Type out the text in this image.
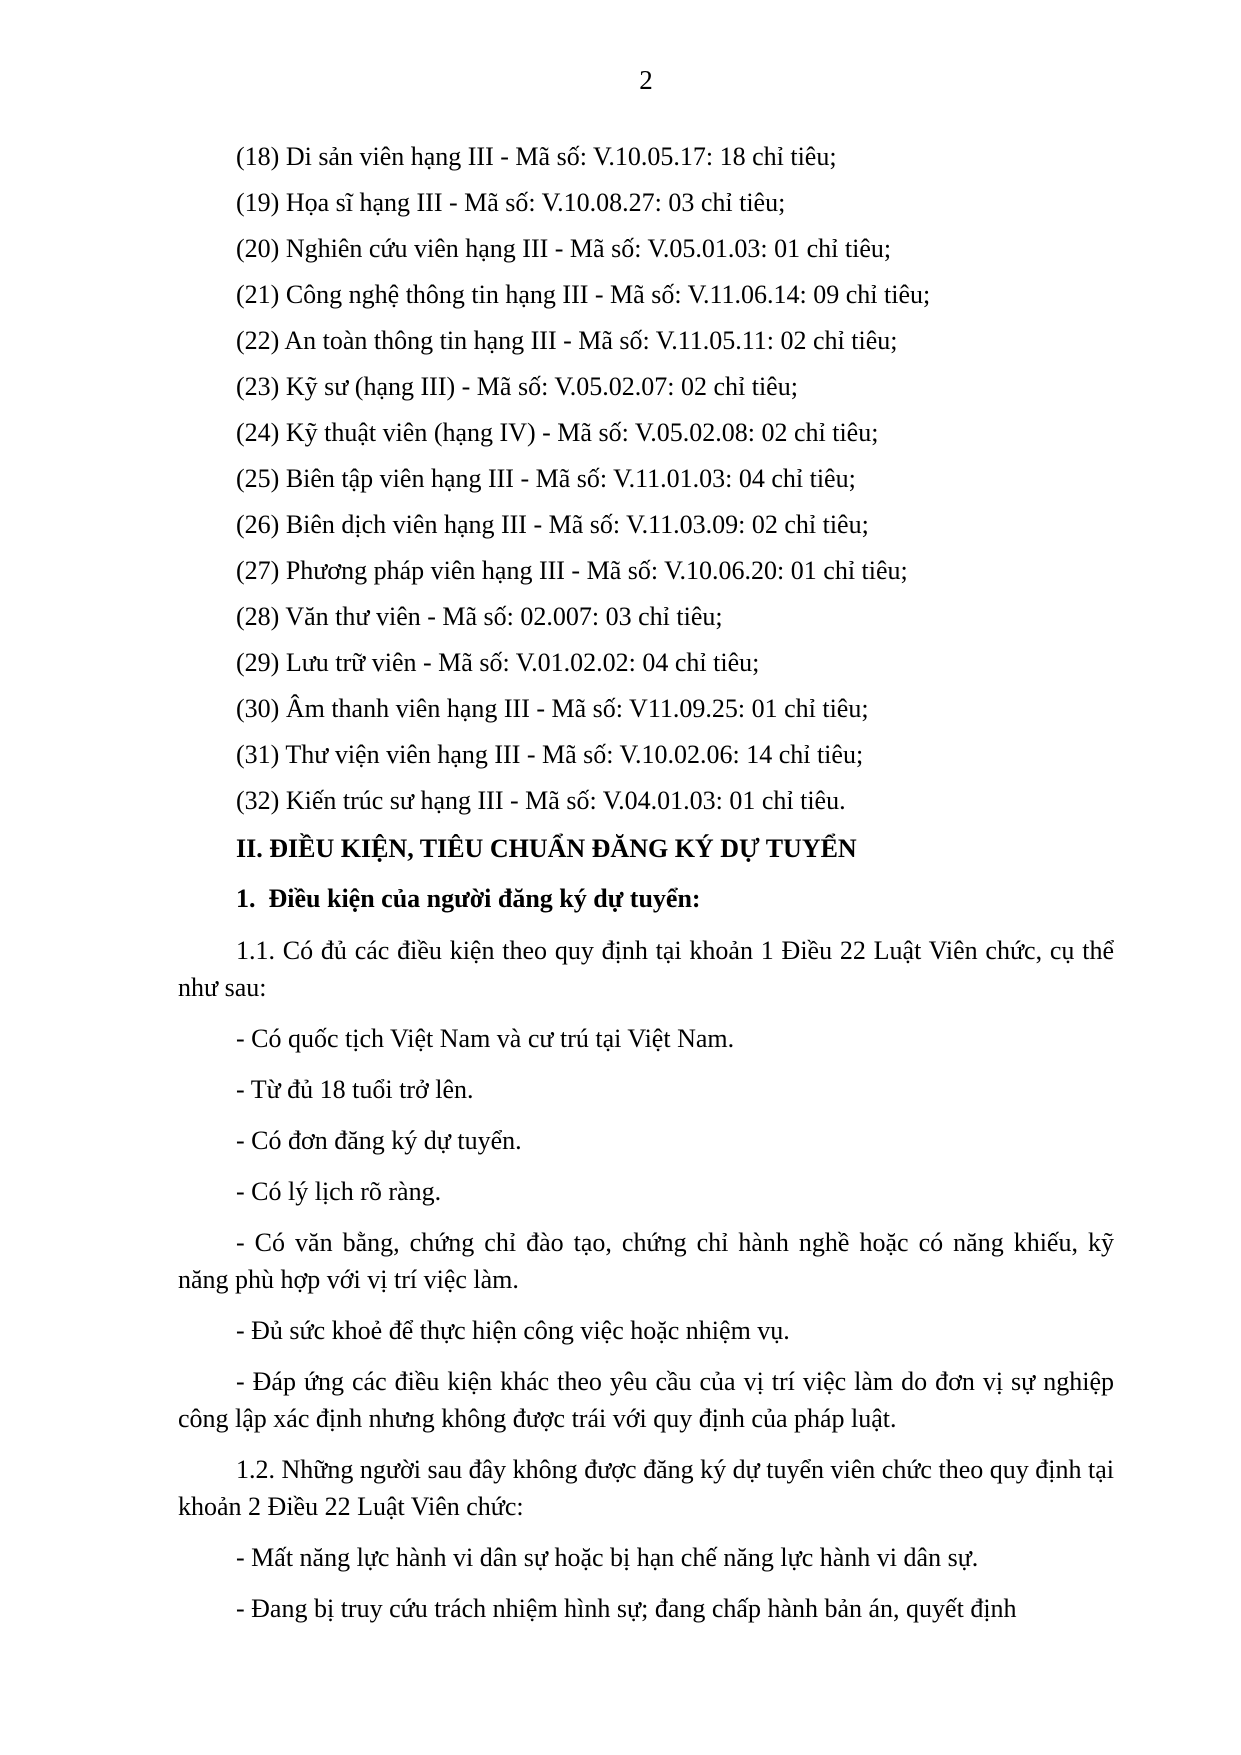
2

(18) Di sản viên hạng III - Mã số: V.10.05.17: 18 chỉ tiêu;

(19) Họa sĩ hạng III - Mã số: V.10.08.27: 03 chỉ tiêu;

(20) Nghiên cứu viên hạng III - Mã số: V.05.01.03: 01 chỉ tiêu;

(21) Công nghệ thông tin hạng III - Mã số: V.11.06.14: 09 chỉ tiêu;

(22) An toàn thông tin hạng III - Mã số: V.11.05.11: 02 chỉ tiêu;

(23) Kỹ sư (hạng III) - Mã số: V.05.02.07: 02 chỉ tiêu;

(24) Kỹ thuật viên (hạng IV) - Mã số: V.05.02.08: 02 chỉ tiêu;

(25) Biên tập viên hạng III - Mã số: V.11.01.03: 04 chỉ tiêu;

(26) Biên dịch viên hạng III - Mã số: V.11.03.09: 02 chỉ tiêu;

(27) Phương pháp viên hạng III - Mã số: V.10.06.20: 01 chỉ tiêu;

(28) Văn thư viên - Mã số: 02.007: 03 chỉ tiêu;

(29) Lưu trữ viên - Mã số: V.01.02.02: 04 chỉ tiêu;

(30) Âm thanh viên hạng III - Mã số: V11.09.25: 01 chỉ tiêu;

(31) Thư viện viên hạng III - Mã số: V.10.02.06: 14 chỉ tiêu;

(32) Kiến trúc sư hạng III - Mã số: V.04.01.03: 01 chỉ tiêu.

II. ĐIỀU KIỆN, TIÊU CHUẨN ĐĂNG KÝ DỰ TUYỂN
1.  Điều kiện của người đăng ký dự tuyển:

1.1. Có đủ các điều kiện theo quy định tại khoản 1 Điều 22 Luật Viên chức, cụ thể như sau:

- Có quốc tịch Việt Nam và cư trú tại Việt Nam.

- Từ đủ 18 tuổi trở lên.

- Có đơn đăng ký dự tuyển.

- Có lý lịch rõ ràng.

- Có văn bằng, chứng chỉ đào tạo, chứng chỉ hành nghề hoặc có năng khiếu, kỹ năng phù hợp với vị trí việc làm.

- Đủ sức khoẻ để thực hiện công việc hoặc nhiệm vụ.

- Đáp ứng các điều kiện khác theo yêu cầu của vị trí việc làm do đơn vị sự nghiệp công lập xác định nhưng không được trái với quy định của pháp luật.

1.2. Những người sau đây không được đăng ký dự tuyển viên chức theo quy định tại khoản 2 Điều 22 Luật Viên chức:

- Mất năng lực hành vi dân sự hoặc bị hạn chế năng lực hành vi dân sự.

- Đang bị truy cứu trách nhiệm hình sự; đang chấp hành bản án, quyết định
